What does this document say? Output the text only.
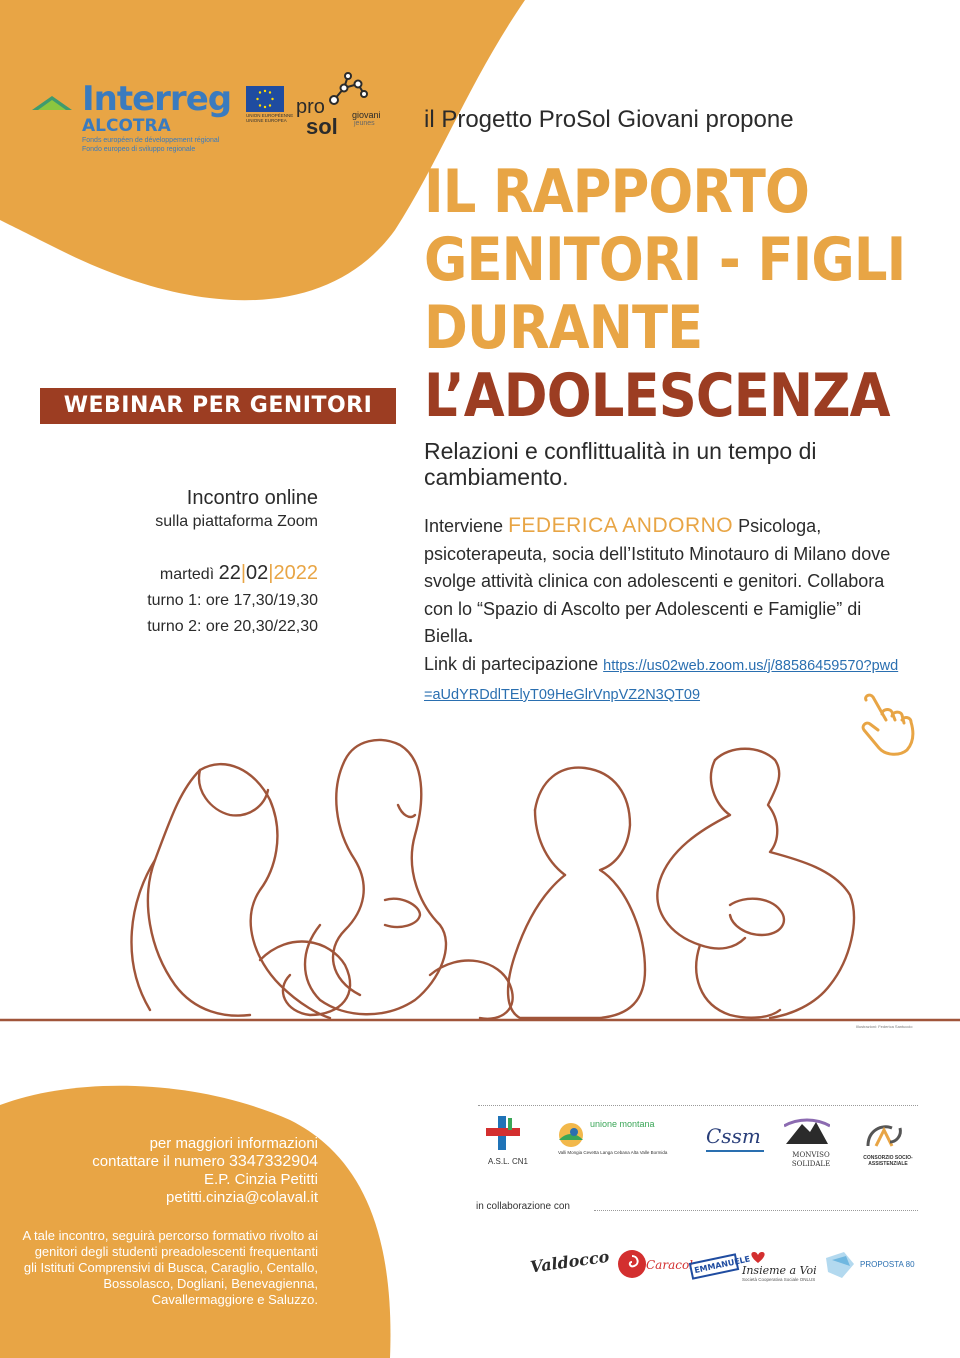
Interreg
ALCOTRA
Fonds européen de développement régional
Fondo europeo di sviluppo regionale
UNION EUROPÉENNE UNIONE EUROPEA
pro
sol giovani
jeunes il Progetto ProSol Giovani propone
IL RAPPORTO
GENITORI - FIGLI
DURANTE
L’ADOLESCENZA
Relazioni e conflittualità in un tempo di cambiamento.
WEBINAR PER GENITORI
Incontro online
sulla piattaforma Zoom
martedì 22|02|2022
turno 1: ore 17,30/19,30
turno 2: ore 20,30/22,30
Interviene FEDERICA ANDORNO Psicologa, psicoterapeuta, socia dell’Istituto Minotauro di Milano dove svolge attività clinica con adolescenti e genitori. Collabora con lo “Spazio di Ascolto per Adolescenti e Famiglie” di Biella.
Link di partecipazione https://us02web.zoom.us/j/88586459570?pwd=aUdYRDdlTElyT09HeGlrVnpVZ2N3QT09
Illustrazioni: Federica Santuccio
per maggiori informazioni
contattare il numero 3347332904
E.P. Cinzia Petitti
petitti.cinzia@colaval.it
A tale incontro, seguirà percorso formativo rivolto ai genitori degli studenti preadolescenti frequentanti gli Istituti Comprensivi di Busca, Caraglio, Centallo, Bossolasco, Dogliani, Benevagienna, Cavallermaggiore e Saluzzo.
A.S.L. CN1
unione montana
Valli Mongia Cevetta Langa Cebana Alta Valle Bormida
Cssm
MONVISO SOLIDALE
CONSORZIO SOCIO-ASSISTENZIALE
in collaborazione con
Valdocco	Caracol EMMANUELE
Insieme a Voi
Società Cooperativa Sociale ONLUS
PROPOSTA 80
